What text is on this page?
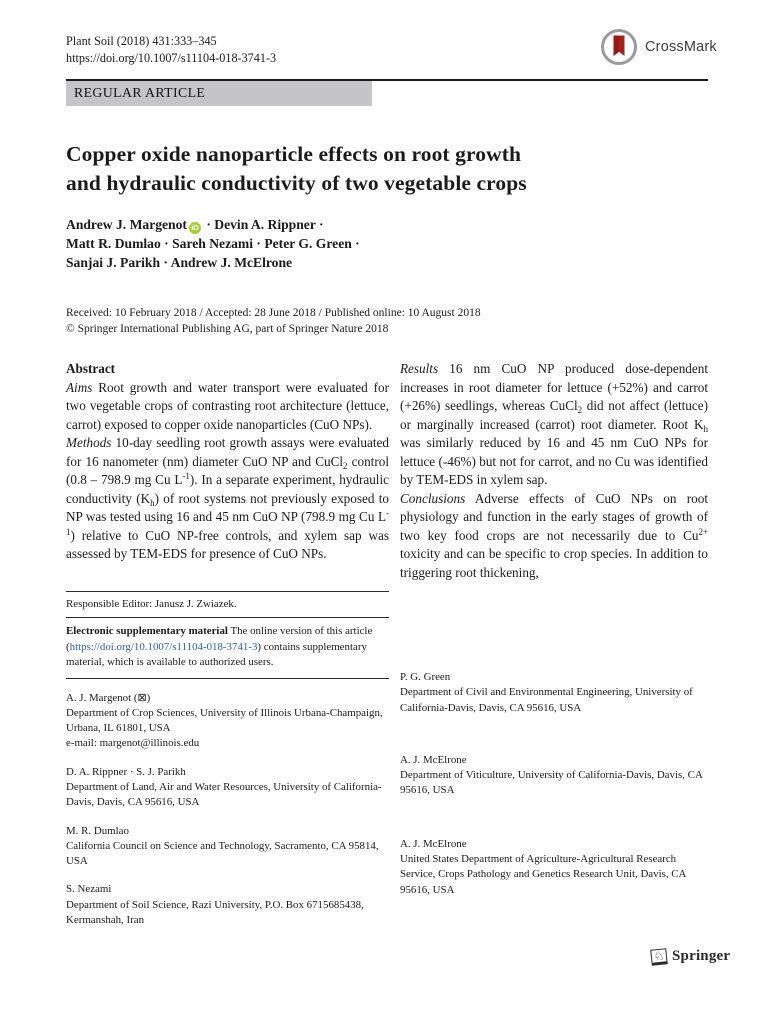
Plant Soil (2018) 431:333–345
https://doi.org/10.1007/s11104-018-3741-3
CrossMark
REGULAR ARTICLE
Copper oxide nanoparticle effects on root growth
and hydraulic conductivity of two vegetable crops
Andrew J. Margenot iD · Devin A. Rippner ·
Matt R. Dumlao · Sareh Nezami · Peter G. Green ·
Sanjai J. Parikh · Andrew J. McElrone
Received: 10 February 2018 / Accepted: 28 June 2018 / Published online: 10 August 2018
© Springer International Publishing AG, part of Springer Nature 2018
Abstract

Aims Root growth and water transport were evaluated for two vegetable crops of contrasting root architecture (lettuce, carrot) exposed to copper oxide nanoparticles (CuO NPs).

Methods 10-day seedling root growth assays were evaluated for 16 nanometer (nm) diameter CuO NP and CuCl$_2$ control (0.8 – 798.9 mg Cu $L^{-1}$). In a separate experiment, hydraulic conductivity $(K_h)$ of root systems not previously exposed to NP was tested using 16 and 45 nm CuO NP (798.9 mg Cu $L^{-1}$) relative to CuO NP-free controls, and xylem sap was assessed by TEM-EDS for presence of CuO NPs.

Responsible Editor: Janusz J. Zwiazek.
Electronic supplementary material The online version of this article (https://doi.org/10.1007/s11104-018-3741-3) contains supplementary material, which is available to authorized users.
A. J. Margenot (⊠)
Department of Crop Sciences, University of Illinois Urbana-Champaign, Urbana, IL 61801, USA
e-mail: margenot@illinois.edu
D. A. Rippner · S. J. Parikh
Department of Land, Air and Water Resources, University of California-Davis, Davis, CA 95616, USA
M. R. Dumlao
California Council on Science and Technology, Sacramento, CA 95814, USA
S. Nezami
Department of Soil Science, Razi University, P.O. Box 6715685438, Kermanshah, Iran

Results 16 nm CuO NP produced dose-dependent increases in root diameter for lettuce (+52%) and carrot (+26%) seedlings, whereas CuCl$_2$ did not affect (lettuce) or marginally increased (carrot) root diameter. Root $K_h$ was similarly reduced by 16 and 45 nm CuO NPs for lettuce (-46%) but not for carrot, and no Cu was identified by TEM-EDS in xylem sap.

Conclusions Adverse effects of CuO NPs on root physiology and function in the early stages of growth of two key food crops are not necessarily due to $Cu^{2+}$ toxicity and can be specific to crop species. In addition to triggering root thickening,

P. G. Green
Department of Civil and Environmental Engineering, University of California-Davis, Davis, CA 95616, USA
A. J. McElrone
Department of Viticulture, University of California-Davis, Davis, CA 95616, USA
A. J. McElrone
United States Department of Agriculture-Agricultural Research Service, Crops Pathology and Genetics Research Unit, Davis, CA 95616, USA
♘ Springer
